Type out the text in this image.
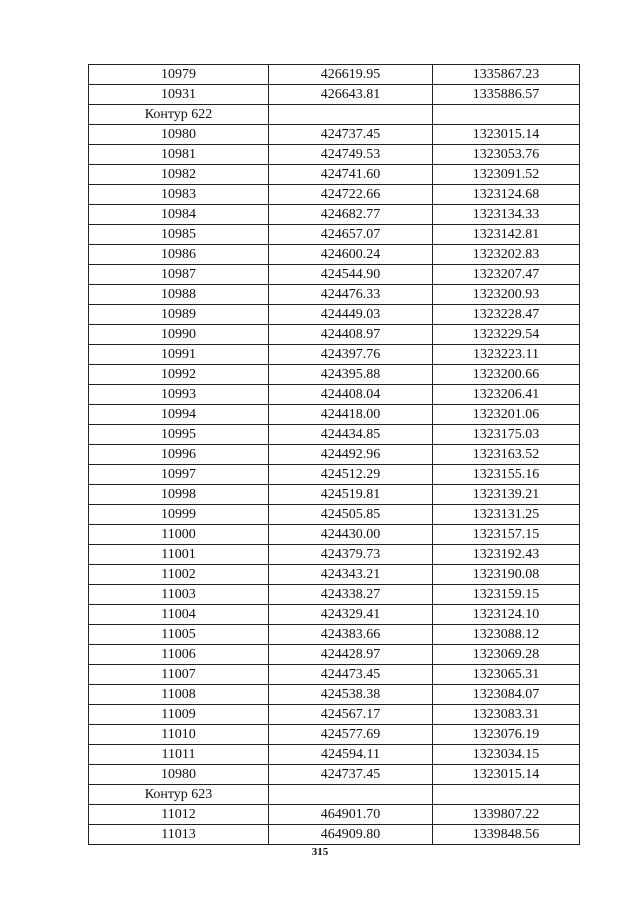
10979	426619.95	1335867.23
10931	426643.81	1335886.57
Контур 622		
10980	424737.45	1323015.14
10981	424749.53	1323053.76
10982	424741.60	1323091.52
10983	424722.66	1323124.68
10984	424682.77	1323134.33
10985	424657.07	1323142.81
10986	424600.24	1323202.83
10987	424544.90	1323207.47
10988	424476.33	1323200.93
10989	424449.03	1323228.47
10990	424408.97	1323229.54
10991	424397.76	1323223.11
10992	424395.88	1323200.66
10993	424408.04	1323206.41
10994	424418.00	1323201.06
10995	424434.85	1323175.03
10996	424492.96	1323163.52
10997	424512.29	1323155.16
10998	424519.81	1323139.21
10999	424505.85	1323131.25
11000	424430.00	1323157.15
11001	424379.73	1323192.43
11002	424343.21	1323190.08
11003	424338.27	1323159.15
11004	424329.41	1323124.10
11005	424383.66	1323088.12
11006	424428.97	1323069.28
11007	424473.45	1323065.31
11008	424538.38	1323084.07
11009	424567.17	1323083.31
11010	424577.69	1323076.19
11011	424594.11	1323034.15
10980	424737.45	1323015.14
Контур 623		
11012	464901.70	1339807.22
11013	464909.80	1339848.56
315
